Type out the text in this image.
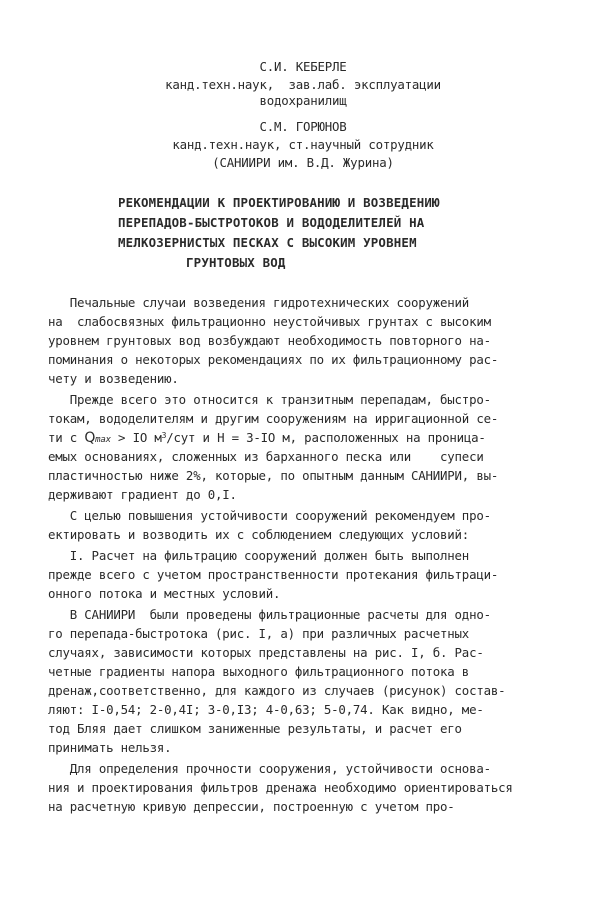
С.И. КЕБЕРЛЕ
канд.техн.наук,  зав.лаб. эксплуатации
водохранилищ
С.М. ГОРЮНОВ
канд.техн.наук, ст.научный сотрудник
(САНИИРИ им. В.Д. Журина)
РЕКОМЕНДАЦИИ К ПРОЕКТИРОВАНИЮ И ВОЗВЕДЕНИЮ
ПЕРЕПАДОВ-БЫСТРОТОКОВ И ВОДОДЕЛИТЕЛЕЙ НА
МЕЛКОЗЕРНИСТЫХ ПЕСКАХ С ВЫСОКИМ УРОВНЕМ
ГРУНТОВЫХ ВОД
Печальные случаи возведения гидротехнических сооружений
на  слабосвязных фильтрационно неустойчивых грунтах с высоким
уровнем грунтовых вод возбуждают необходимость повторного на-
поминания о некоторых рекомендациях по их фильтрационному рас-
чету и возведению.
Прежде всего это относится к транзитным перепадам, быстро-
токам, вододелителям и другим сооружениям на ирригационной се-
ти с Qmax > IO $м^3$/сут и Н = 3-IO м, расположенных на проница-
емых основаниях, сложенных из барханного песка или    супеси
пластичностью ниже 2%, которые, по опытным данным САНИИРИ, вы-
держивают градиент до 0,I.
С целью повышения устойчивости сооружений рекомендуем про-
ектировать и возводить их с соблюдением следующих условий:
I. Расчет на фильтрацию сооружений должен быть выполнен
прежде всего с учетом пространственности протекания фильтраци-
онного потока и местных условий.
В САНИИРИ  были проведены фильтрационные расчеты для одно-
го перепада-быстротока (рис. I, а) при различных расчетных
случаях, зависимости которых представлены на рис. I, б. Рас-
четные градиенты напора выходного фильтрационного потока в
дренаж,соответственно, для каждого из случаев (рисунок) состав-
ляют: I-0,54; 2-0,4I; 3-0,I3; 4-0,63; 5-0,74. Как видно, ме-
тод Бляя дает слишком заниженные результаты, и расчет его
принимать нельзя.
Для определения прочности сооружения, устойчивости основа-
ния и проектирования фильтров дренажа необходимо ориентироваться
на расчетную кривую депрессии, построенную с учетом про-
